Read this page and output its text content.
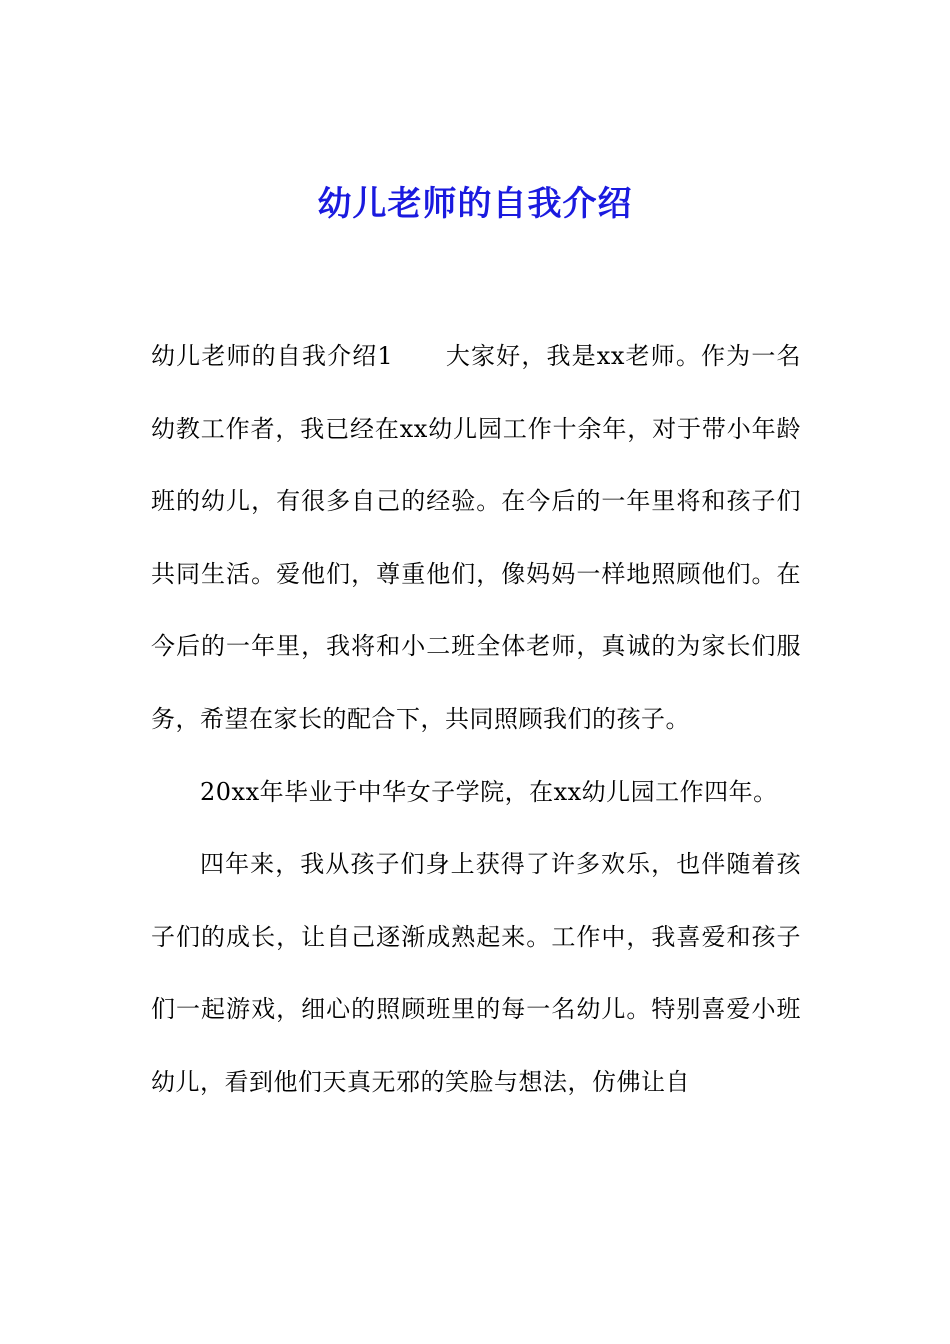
幼儿老师的自我介绍

幼儿老师的自我介绍1 大家好，我是xx老师。作为一名幼教工作者，我已经在xx幼儿园工作十余年，对于带小年龄班的幼儿，有很多自己的经验。在今后的一年里将和孩子们共同生活。爱他们，尊重他们，像妈妈一样地照顾他们。在今后的一年里，我将和小二班全体老师，真诚的为家长们服务，希望在家长的配合下，共同照顾我们的孩子。

20xx年毕业于中华女子学院，在xx幼儿园工作四年。

四年来，我从孩子们身上获得了许多欢乐，也伴随着孩子们的成长，让自己逐渐成熟起来。工作中，我喜爱和孩子们一起游戏，细心的照顾班里的每一名幼儿。特别喜爱小班幼儿，看到他们天真无邪的笑脸与想法，仿佛让自
